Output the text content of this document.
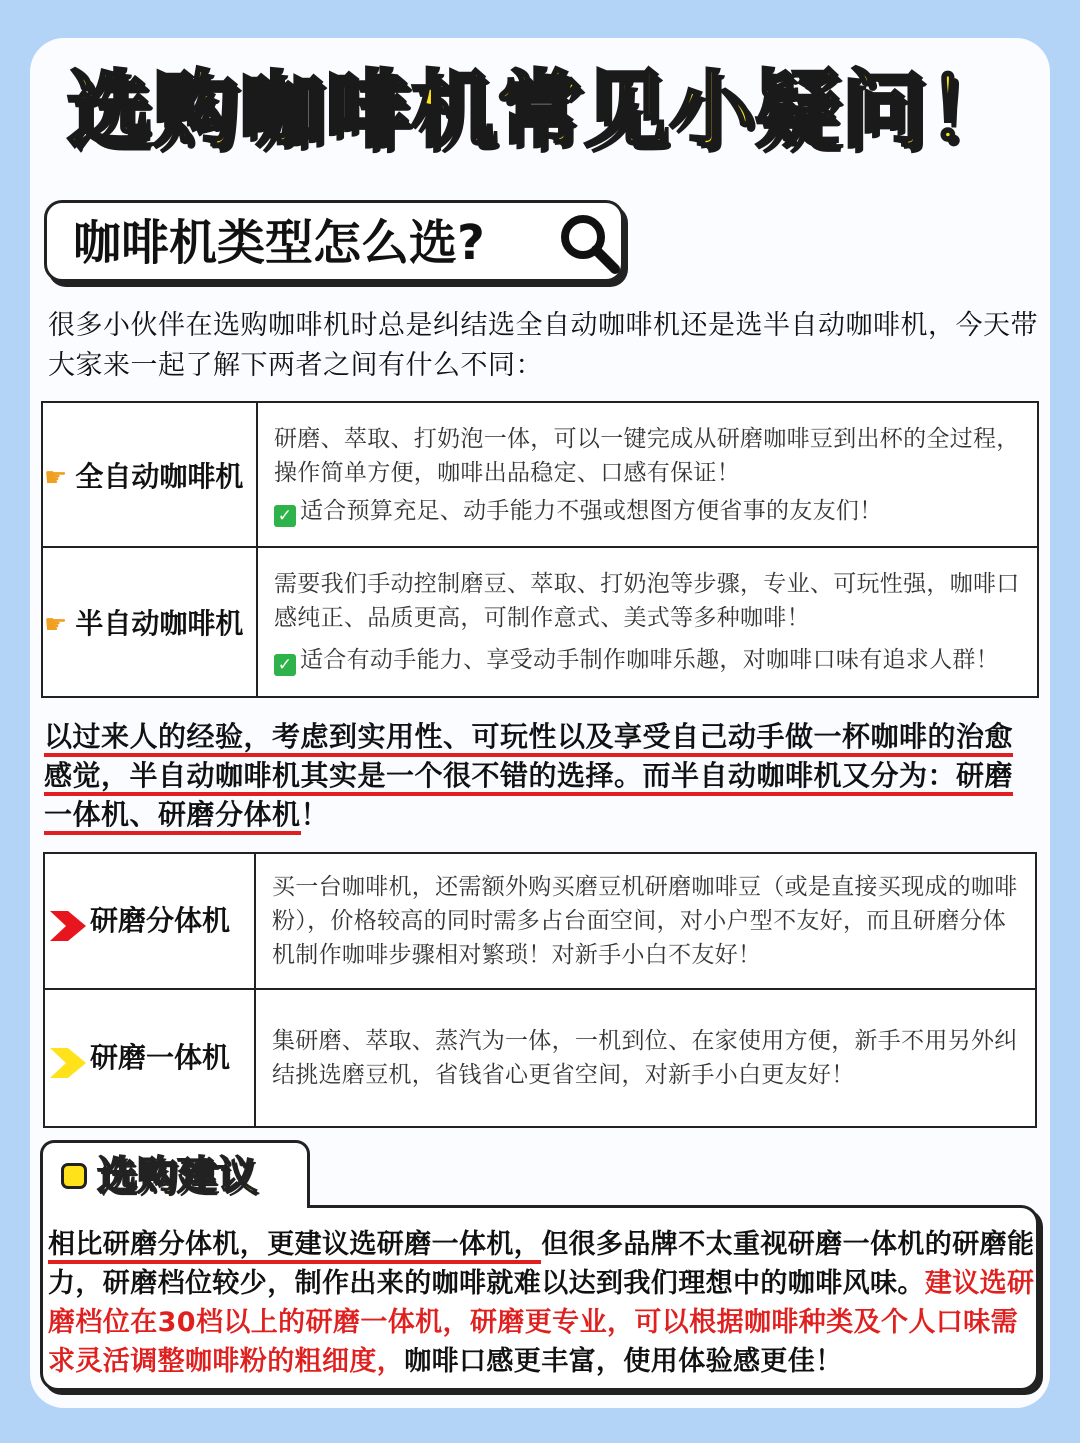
选购咖啡机常见小疑问！
咖啡机类型怎么选?
很多小伙伴在选购咖啡机时总是纠结选全自动咖啡机还是选半自动咖啡机，今天带大家来一起了解下两者之间有什么不同：
☛ 全自动咖啡机	研磨、萃取、打奶泡一体，可以一键完成从研磨咖啡豆到出杯的全过程，操作简单方便，咖啡出品稳定、口感有保证！

✓ 适合预算充足、动手能力不强或想图方便省事的友友们！

☛ 半自动咖啡机	需要我们手动控制磨豆、萃取、打奶泡等步骤，专业、可玩性强，咖啡口感纯正、品质更高，可制作意式、美式等多种咖啡！

✓ 适合有动手能力、享受动手制作咖啡乐趣，对咖啡口味有追求人群！

以过来人的经验，考虑到实用性、可玩性以及享受自己动手做一杯咖啡的治愈感觉，半自动咖啡机其实是一个很不错的选择。而半自动咖啡机又分为：研磨一体机、研磨分体机！
研磨分体机	买一台咖啡机，还需额外购买磨豆机研磨咖啡豆（或是直接买现成的咖啡粉），价格较高的同时需多占台面空间，对小户型不友好，而且研磨分体机制作咖啡步骤相对繁琐！对新手小白不友好！

研磨一体机	集研磨、萃取、蒸汽为一体，一机到位、在家使用方便，新手不用另外纠结挑选磨豆机，省钱省心更省空间，对新手小白更友好！

选购建议
相比研磨分体机，更建议选研磨一体机，但很多品牌不太重视研磨一体机的研磨能力，研磨档位较少，制作出来的咖啡就难以达到我们理想中的咖啡风味。建议选研磨档位在30档以上的研磨一体机，研磨更专业，可以根据咖啡种类及个人口味需求灵活调整咖啡粉的粗细度，咖啡口感更丰富，使用体验感更佳！
